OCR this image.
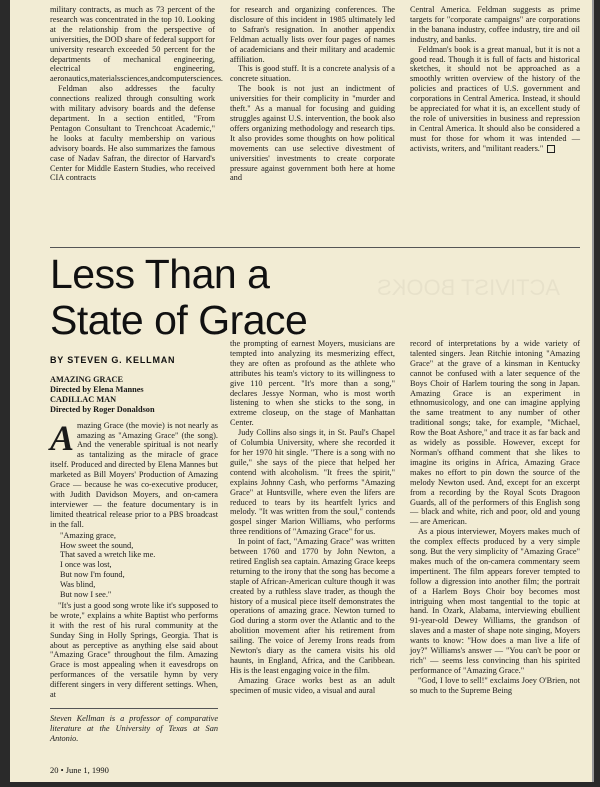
military contracts, as much as 73 percent of the research was concentrated in the top 10. Looking at the relationship from the perspective of universities, the DOD share of federal support for university research exceeded 50 percent for the departments of mechanical engineering, electrical engineering, aeronautics,materialssciences,andcomputersciences.

Feldman also addresses the faculty connections realized through consulting work with military advisory boards and the defense department. In a section entitled, "From Pentagon Consultant to Trenchcoat Academic," he looks at faculty membership on various advisory boards. He also summarizes the famous case of Nadav Safran, the director of Harvard's Center for Middle Eastern Studies, who received CIA contracts

for research and organizing conferences. The disclosure of this incident in 1985 ultimately led to Safran's resignation. In another appendix Feldman actually lists over four pages of names of academicians and their military and academic affiliation.

This is good stuff. It is a concrete analysis of a concrete situation.

The book is not just an indictment of universities for their complicity in "murder and theft." As a manual for focusing and guiding struggles against U.S. intervention, the book also offers organizing methodology and research tips. It also provides some thoughts on how political movements can use selective divestment of universities' investments to create corporate pressure against government both here at home and

Central America. Feldman suggests as prime targets for "corporate campaigns" are corporations in the banana industry, coffee industry, tire and oil industry, and banks.

Feldman's book is a great manual, but it is not a good read. Though it is full of facts and historical sketches, it should not be approached as a smoothly written overview of the history of the policies and practices of U.S. government and corporations in Central America. Instead, it should be appreciated for what it is, an excellent study of the role of universities in business and repression in Central America. It should also be considered a must for those for whom it was intended — activists, writers, and "militant readers."

Less Than a
State of Grace
BY STEVEN G. KELLMAN
AMAZING GRACE
Directed by Elena Mannes
CADILLAC MAN
Directed by Roger Donaldson

Amazing Grace (the movie) is not nearly as amazing as "Amazing Grace" (the song). And the venerable spiritual is not nearly as tantalizing as the miracle of grace itself. Produced and directed by Elena Mannes but marketed as Bill Moyers' Production of Amazing Grace — because he was co-executive producer, with Judith Davidson Moyers, and on-camera interviewer — the feature documentary is in limited theatrical release prior to a PBS broadcast in the fall.

"Amazing grace,
How sweet the sound,
That saved a wretch like me.
I once was lost,
But now I'm found,
Was blind,
But now I see."

"It's just a good song wrote like it's supposed to be wrote," explains a white Baptist who performs it with the rest of his rural community at the Sunday Sing in Holly Springs, Georgia. That is about as perceptive as anything else said about "Amazing Grace" throughout the film. Amazing Grace is most appealing when it eavesdrops on performances of the versatile hymn by very different singers in very different settings. When, at

Steven Kellman is a professor of comparative literature at the University of Texas at San Antonio.

the prompting of earnest Moyers, musicians are tempted into analyzing its mesmerizing effect, they are often as profound as the athlete who attributes his team's victory to its willingness to give 110 percent. "It's more than a song," declares Jessye Norman, who is most worth listening to when she sticks to the song, in extreme closeup, on the stage of Manhattan Center.

Judy Collins also sings it, in St. Paul's Chapel of Columbia University, where she recorded it for her 1970 hit single. "There is a song with no guile," she says of the piece that helped her contend with alcoholism. "It frees the spirit," explains Johnny Cash, who performs "Amazing Grace" at Huntsville, where even the lifers are reduced to tears by its heartfelt lyrics and melody. "It was written from the soul," contends gospel singer Marion Williams, who performs three renditions of "Amazing Grace" for us.

In point of fact, "Amazing Grace" was written between 1760 and 1770 by John Newton, a retired English sea captain. Amazing Grace keeps returning to the irony that the song has become a staple of African-American culture though it was created by a ruthless slave trader, as though the history of a musical piece itself demonstrates the operations of amazing grace. Newton turned to God during a storm over the Atlantic and to the abolition movement after his retirement from sailing. The voice of Jeremy Irons reads from Newton's diary as the camera visits his old haunts, in England, Africa, and the Caribbean. His is the least engaging voice in the film.

Amazing Grace works best as an adult specimen of music video, a visual and aural

record of interpretations by a wide variety of talented singers. Jean Ritchie intoning "Amazing Grace" at the grave of a kinsman in Kentucky cannot be confused with a later sequence of the Boys Choir of Harlem touring the song in Japan. Amazing Grace is an experiment in ethnomusicology, and one can imagine applying the same treatment to any number of other traditional songs; take, for example, "Michael, Row the Boat Ashore," and trace it as far back and as widely as possible. However, except for Norman's offhand comment that she likes to imagine its origins in Africa, Amazing Grace makes no effort to pin down the source of the melody Newton used. And, except for an excerpt from a recording by the Royal Scots Dragoon Guards, all of the performers of this English song — black and white, rich and poor, old and young — are American.

As a pious interviewer, Moyers makes much of the complex effects produced by a very simple song. But the very simplicity of "Amazing Grace" makes much of the on-camera commentary seem impertinent. The film appears forever tempted to follow a digression into another film; the portrait of a Harlem Boys Choir boy becomes most intriguing when most tangential to the topic at hand. In Ozark, Alabama, interviewing ebullient 91-year-old Dewey Williams, the grandson of slaves and a master of shape note singing, Moyers wants to know: "How does a man live a life of joy?" Williams's answer — "You can't be poor or rich" — seems less convincing than his spirited performance of "Amazing Grace."

"God, I love to sell!" exclaims Joey O'Brien, not so much to the Supreme Being

20 • June 1, 1990
